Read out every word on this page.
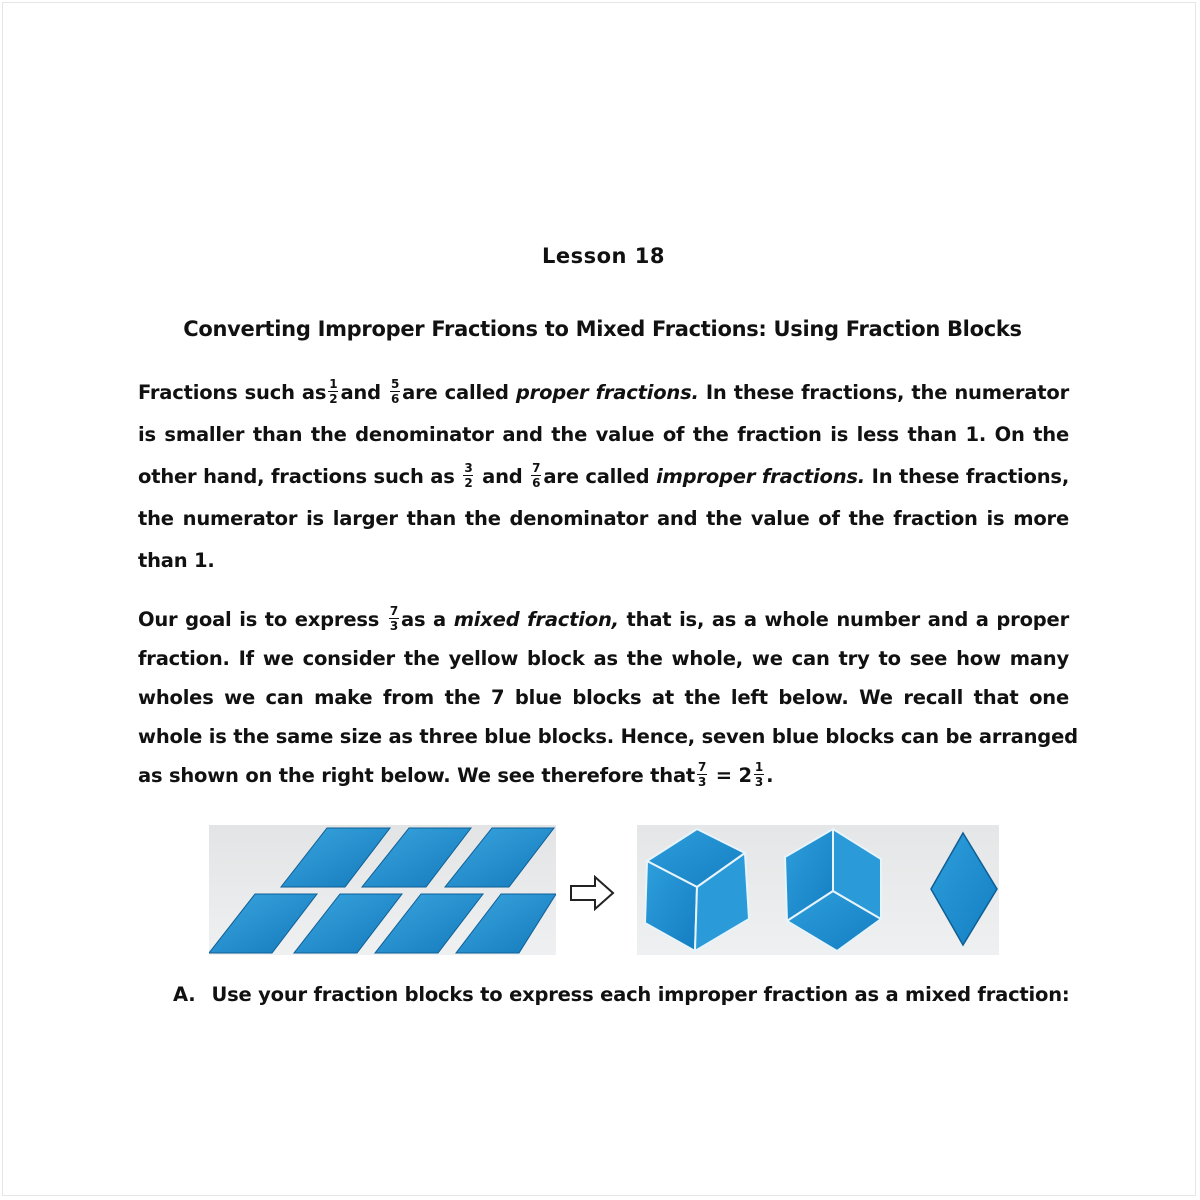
Lesson 18
Converting Improper Fractions to Mixed Fractions: Using Fraction Blocks
Fractions such as $\frac{1}{2}$ and $\frac{5}{6}$ are called proper fractions. In these fractions, the numerator
is smaller than the denominator and the value of the fraction is less than 1. On the
other hand, fractions such as $\frac{3}{2}$ and $\frac{7}{6}$ are called improper fractions. In these fractions,
the numerator is larger than the denominator and the value of the fraction is more
than 1.
Our goal is to express $\frac{7}{3}$ as a mixed fraction, that is, as a whole number and a proper
fraction. If we consider the yellow block as the whole, we can try to see how many
wholes we can make from the 7 blue blocks at the left below. We recall that one
whole is the same size as three blue blocks. Hence, seven blue blocks can be arranged
as shown on the right below. We see therefore that $\frac{7}{3} = 2 \frac{1}{3}$ .
A. Use your fraction blocks to express each improper fraction as a mixed fraction:
